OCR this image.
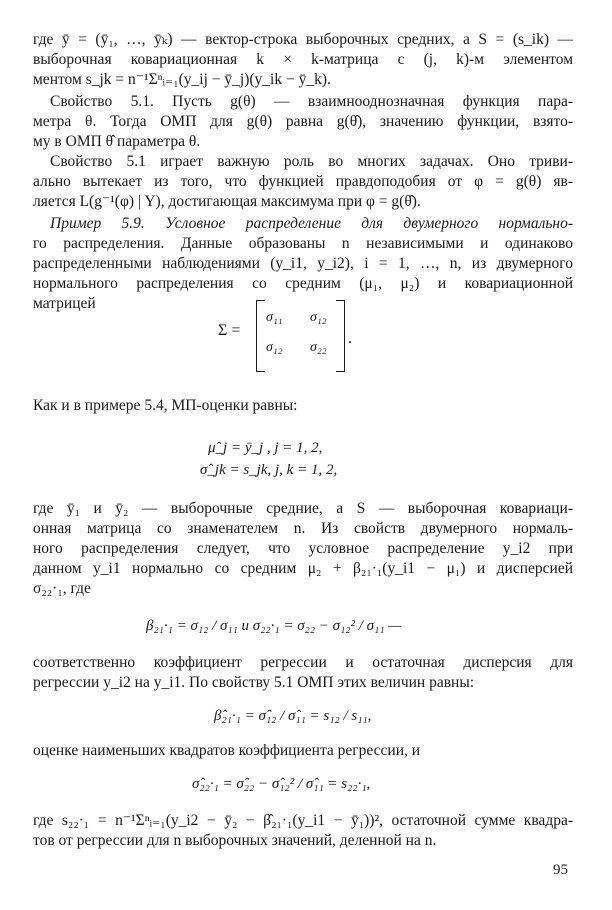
где ȳ = (ȳ₁, …, ȳₖ) — вектор-строка выборочных средних, а S = (s_ik) —
выборочная ковариационная k × k-матрица с (j, k)-м элементом
ментом s_jk = n⁻¹Σⁿᵢ₌₁(y_ij − ȳ_j)(y_ik − ȳ_k).
Свойство 5.1. Пусть g(θ) — взаимнооднозначная функция пара-
метра θ. Тогда ОМП для g(θ) равна g(θ̂), значению функции, взято-
му в ОМП θ̂ параметра θ.
Свойство 5.1 играет важную роль во многих задачах. Оно триви-
ально вытекает из того, что функцией правдоподобия от φ = g(θ) яв-
ляется L(g⁻¹(φ) | Y), достигающая максимума при φ = g(θ̂).
Пример 5.9. Условное распределение для двумерного нормально-
го распределения. Данные образованы n независимыми и одинаково
распределенными наблюдениями (y_i1, y_i2), i = 1, …, n, из двумерного
нормального распределения со средним (μ₁, μ₂) и ковариационной
матрицей
Σ =
σ₁₁ σ₁₂
σ₁₂ σ₂₂
.
Как и в примере 5.4, МП-оценки равны:
μ̂_j = ȳ_j , j = 1, 2,
σ̂_jk = s_jk, j, k = 1, 2,
где ȳ₁ и ȳ₂ — выборочные средние, а S — выборочная ковариаци-
онная матрица со знаменателем n. Из свойств двумерного нормаль-
ного распределения следует, что условное распределение y_i2 при
данном y_i1 нормально со средним μ₂ + β₂₁·₁(y_i1 − μ₁) и дисперсией
σ₂₂·₁, где
β₂₁·₁ = σ₁₂ / σ₁₁ и σ₂₂·₁ = σ₂₂ − σ₁₂² / σ₁₁ —
соответственно коэффициент регрессии и остаточная дисперсия для
регрессии y_i2 на y_i1. По свойству 5.1 ОМП этих величин равны:
β̂₂₁·₁ = σ̂₁₂ / σ̂₁₁ = s₁₂ / s₁₁,
оценке наименьших квадратов коэффициента регрессии, и
σ̂₂₂·₁ = σ̂₂₂ − σ̂₁₂² / σ̂₁₁ = s₂₂·₁,
где s₂₂·₁ = n⁻¹Σⁿᵢ₌₁(y_i2 − ȳ₂ − β̂₂₁·₁(y_i1 − ȳ₁))², остаточной сумме квадра-
тов от регрессии для n выборочных значений, деленной на n.
95
